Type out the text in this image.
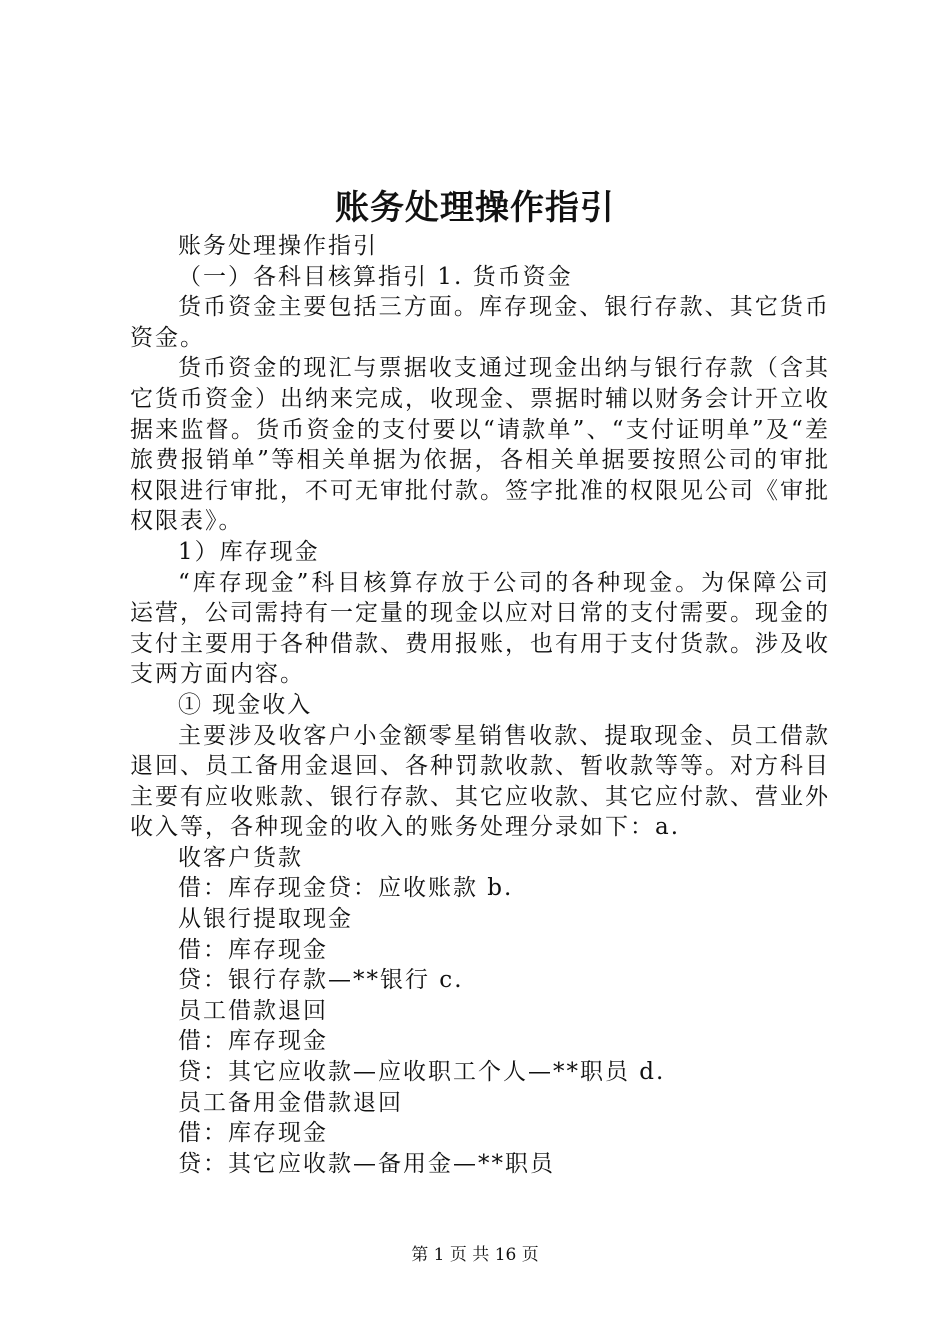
账务处理操作指引

账务处理操作指引

（一）各科目核算指引 1. 货币资金

货币资金主要包括三方面。库存现金、银行存款、其它货币资金。

货币资金的现汇与票据收支通过现金出纳与银行存款（含其它货币资金）出纳来完成，收现金、票据时辅以财务会计开立收据来监督。货币资金的支付要以“请款单”、“支付证明单”及“差旅费报销单”等相关单据为依据，各相关单据要按照公司的审批权限进行审批，不可无审批付款。签字批准的权限见公司《审批权限表》。

1）库存现金

“库存现金”科目核算存放于公司的各种现金。为保障公司运营，公司需持有一定量的现金以应对日常的支付需要。现金的支付主要用于各种借款、费用报账，也有用于支付货款。涉及收支两方面内容。

① 现金收入

主要涉及收客户小金额零星销售收款、提取现金、员工借款退回、员工备用金退回、各种罚款收款、暂收款等等。对方科目主要有应收账款、银行存款、其它应收款、其它应付款、营业外收入等，各种现金的收入的账务处理分录如下：a.

收客户货款

借：库存现金贷：应收账款 b.

从银行提取现金

借：库存现金

贷：银行存款—**银行 c.

员工借款退回

借：库存现金

贷：其它应收款—应收职工个人—**职员 d.

员工备用金借款退回

借：库存现金

贷：其它应收款—备用金—**职员

第 1 页 共 16 页
